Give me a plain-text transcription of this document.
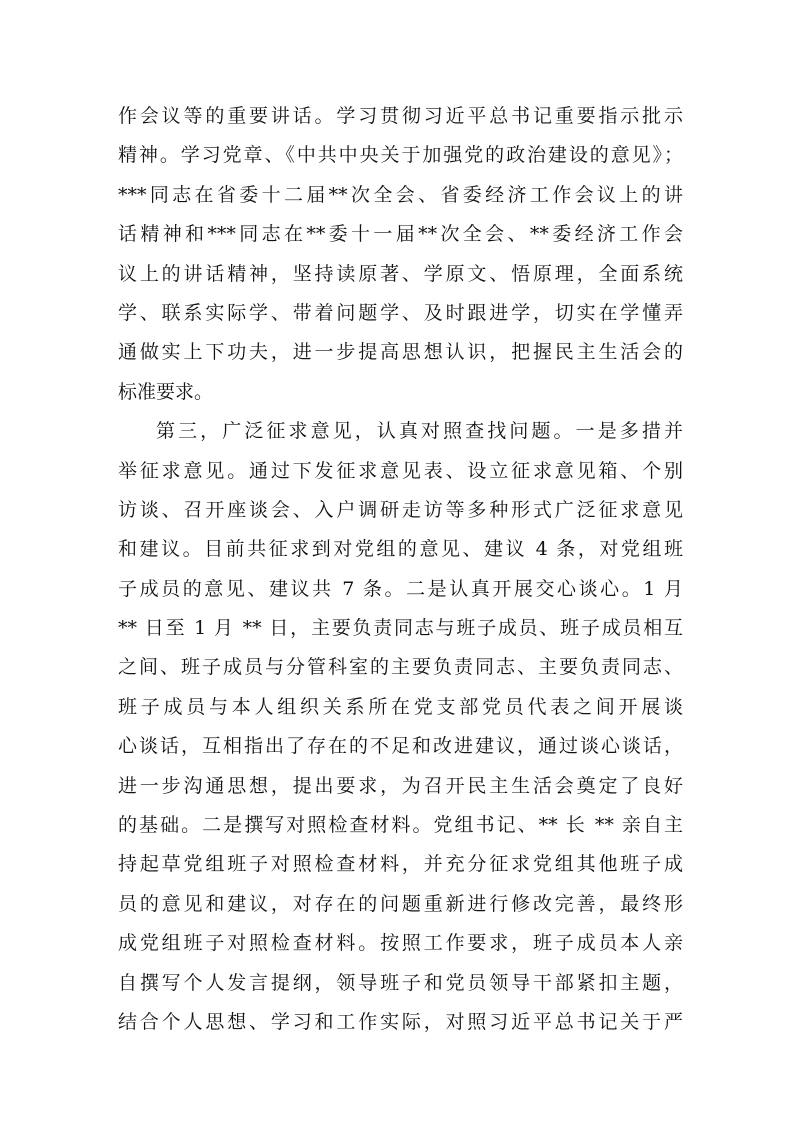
作会议等的重要讲话。学习贯彻习近平总书记重要指示批示
精神。学习党章、《中共中央关于加强党的政治建设的意见》；
***同志在省委十二届**次全会、省委经济工作会议上的讲
话精神和***同志在**委十一届**次全会、**委经济工作会
议上的讲话精神，坚持读原著、学原文、悟原理，全面系统
学、联系实际学、带着问题学、及时跟进学，切实在学懂弄
通做实上下功夫，进一步提高思想认识，把握民主生活会的
标准要求。
第三，广泛征求意见，认真对照查找问题。一是多措并
举征求意见。通过下发征求意见表、设立征求意见箱、个别
访谈、召开座谈会、入户调研走访等多种形式广泛征求意见
和建议。目前共征求到对党组的意见、建议 4 条，对党组班
子成员的意见、建议共 7 条。二是认真开展交心谈心。1 月
** 日至 1 月 ** 日，主要负责同志与班子成员、班子成员相互
之间、班子成员与分管科室的主要负责同志、主要负责同志、
班子成员与本人组织关系所在党支部党员代表之间开展谈
心谈话，互相指出了存在的不足和改进建议，通过谈心谈话，
进一步沟通思想，提出要求，为召开民主生活会奠定了良好
的基础。二是撰写对照检查材料。党组书记、** 长 ** 亲自主
持起草党组班子对照检查材料，并充分征求党组其他班子成
员的意见和建议，对存在的问题重新进行修改完善，最终形
成党组班子对照检查材料。按照工作要求，班子成员本人亲
自撰写个人发言提纲，领导班子和党员领导干部紧扣主题，
结合个人思想、学习和工作实际，对照习近平总书记关于严
